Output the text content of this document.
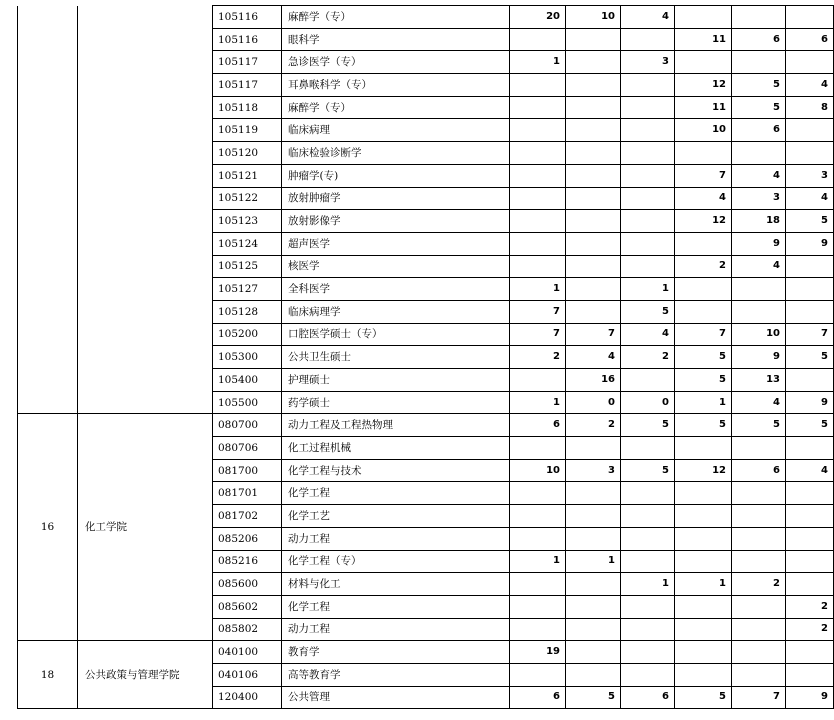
		105116	麻醉学（专）	20	10	4			
		105116	眼科学				11	6	6
		105117	急诊医学（专）	1		3			
		105117	耳鼻喉科学（专）				12	5	4
		105118	麻醉学（专）				11	5	8
		105119	临床病理				10	6	
		105120	临床检验诊断学						
		105121	肿瘤学(专)				7	4	3
		105122	放射肿瘤学				4	3	4
		105123	放射影像学				12	18	5
		105124	超声医学					9	9
		105125	核医学				2	4	
		105127	全科医学	1		1			
		105128	临床病理学	7		5			
		105200	口腔医学硕士（专）	7	7	4	7	10	7
		105300	公共卫生硕士	2	4	2	5	9	5
		105400	护理硕士		16		5	13	
		105500	药学硕士	1	0	0	1	4	9
16	化工学院	080700	动力工程及工程热物理	6	2	5	5	5	5
		080706	化工过程机械						
		081700	化学工程与技术	10	3	5	12	6	4
		081701	化学工程						
		081702	化学工艺						
		085206	动力工程						
		085216	化学工程（专）	1	1				
		085600	材料与化工			1	1	2	
		085602	化学工程						2
		085802	动力工程						2
18	公共政策与管理学院	040100	教育学	19					
		040106	高等教育学						
		120400	公共管理	6	5	6	5	7	9
